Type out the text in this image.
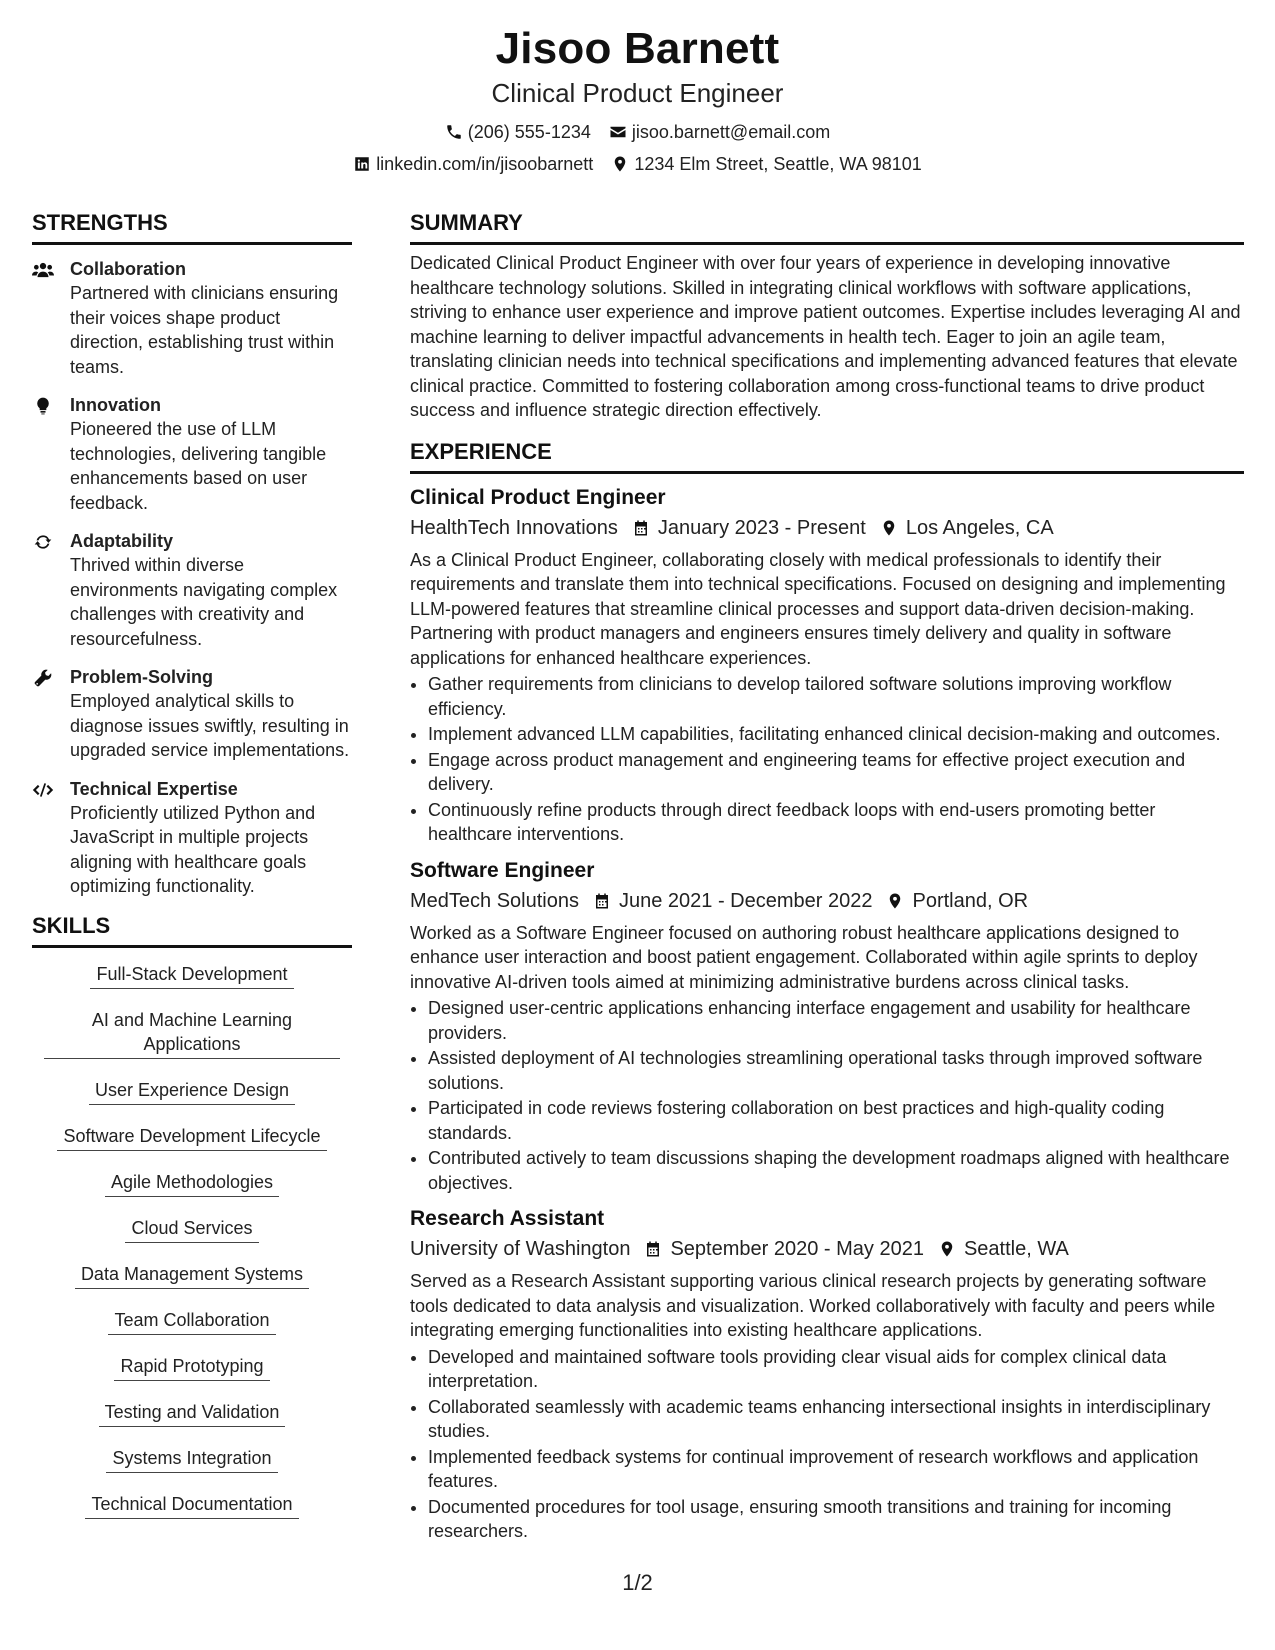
Jisoo Barnett
Clinical Product Engineer
(206) 555-1234 jisoo.barnett@email.com
linkedin.com/in/jisoobarnett 1234 Elm Street, Seattle, WA 98101
STRENGTHS
Collaboration
Partnered with clinicians ensuring their voices shape product direction, establishing trust within teams.
Innovation
Pioneered the use of LLM technologies, delivering tangible enhancements based on user feedback.
Adaptability
Thrived within diverse environments navigating complex challenges with creativity and resourcefulness.
Problem-Solving
Employed analytical skills to diagnose issues swiftly, resulting in upgraded service implementations.
Technical Expertise
Proficiently utilized Python and JavaScript in multiple projects aligning with healthcare goals optimizing functionality.
SKILLS
Full-Stack Development
AI and Machine Learning Applications
User Experience Design
Software Development Lifecycle
Agile Methodologies
Cloud Services
Data Management Systems
Team Collaboration
Rapid Prototyping
Testing and Validation
Systems Integration
Technical Documentation
SUMMARY
Dedicated Clinical Product Engineer with over four years of experience in developing innovative healthcare technology solutions. Skilled in integrating clinical workflows with software applications, striving to enhance user experience and improve patient outcomes. Expertise includes leveraging AI and machine learning to deliver impactful advancements in health tech. Eager to join an agile team, translating clinician needs into technical specifications and implementing advanced features that elevate clinical practice. Committed to fostering collaboration among cross-functional teams to drive product success and influence strategic direction effectively.
EXPERIENCE
Clinical Product Engineer
HealthTech Innovations January 2023 - Present Los Angeles, CA
As a Clinical Product Engineer, collaborating closely with medical professionals to identify their requirements and translate them into technical specifications. Focused on designing and implementing LLM-powered features that streamline clinical processes and support data-driven decision-making. Partnering with product managers and engineers ensures timely delivery and quality in software applications for enhanced healthcare experiences.
• Gather requirements from clinicians to develop tailored software solutions improving workflow efficiency.
• Implement advanced LLM capabilities, facilitating enhanced clinical decision-making and outcomes.
• Engage across product management and engineering teams for effective project execution and delivery.
• Continuously refine products through direct feedback loops with end-users promoting better healthcare interventions.
Software Engineer
MedTech Solutions June 2021 - December 2022 Portland, OR
Worked as a Software Engineer focused on authoring robust healthcare applications designed to enhance user interaction and boost patient engagement. Collaborated within agile sprints to deploy innovative AI-driven tools aimed at minimizing administrative burdens across clinical tasks.
• Designed user-centric applications enhancing interface engagement and usability for healthcare providers.
• Assisted deployment of AI technologies streamlining operational tasks through improved software solutions.
• Participated in code reviews fostering collaboration on best practices and high-quality coding standards.
• Contributed actively to team discussions shaping the development roadmaps aligned with healthcare objectives.
Research Assistant
University of Washington September 2020 - May 2021 Seattle, WA
Served as a Research Assistant supporting various clinical research projects by generating software tools dedicated to data analysis and visualization. Worked collaboratively with faculty and peers while integrating emerging functionalities into existing healthcare applications.
• Developed and maintained software tools providing clear visual aids for complex clinical data interpretation.
• Collaborated seamlessly with academic teams enhancing intersectional insights in interdisciplinary studies.
• Implemented feedback systems for continual improvement of research workflows and application features.
• Documented procedures for tool usage, ensuring smooth transitions and training for incoming researchers.
1/2
